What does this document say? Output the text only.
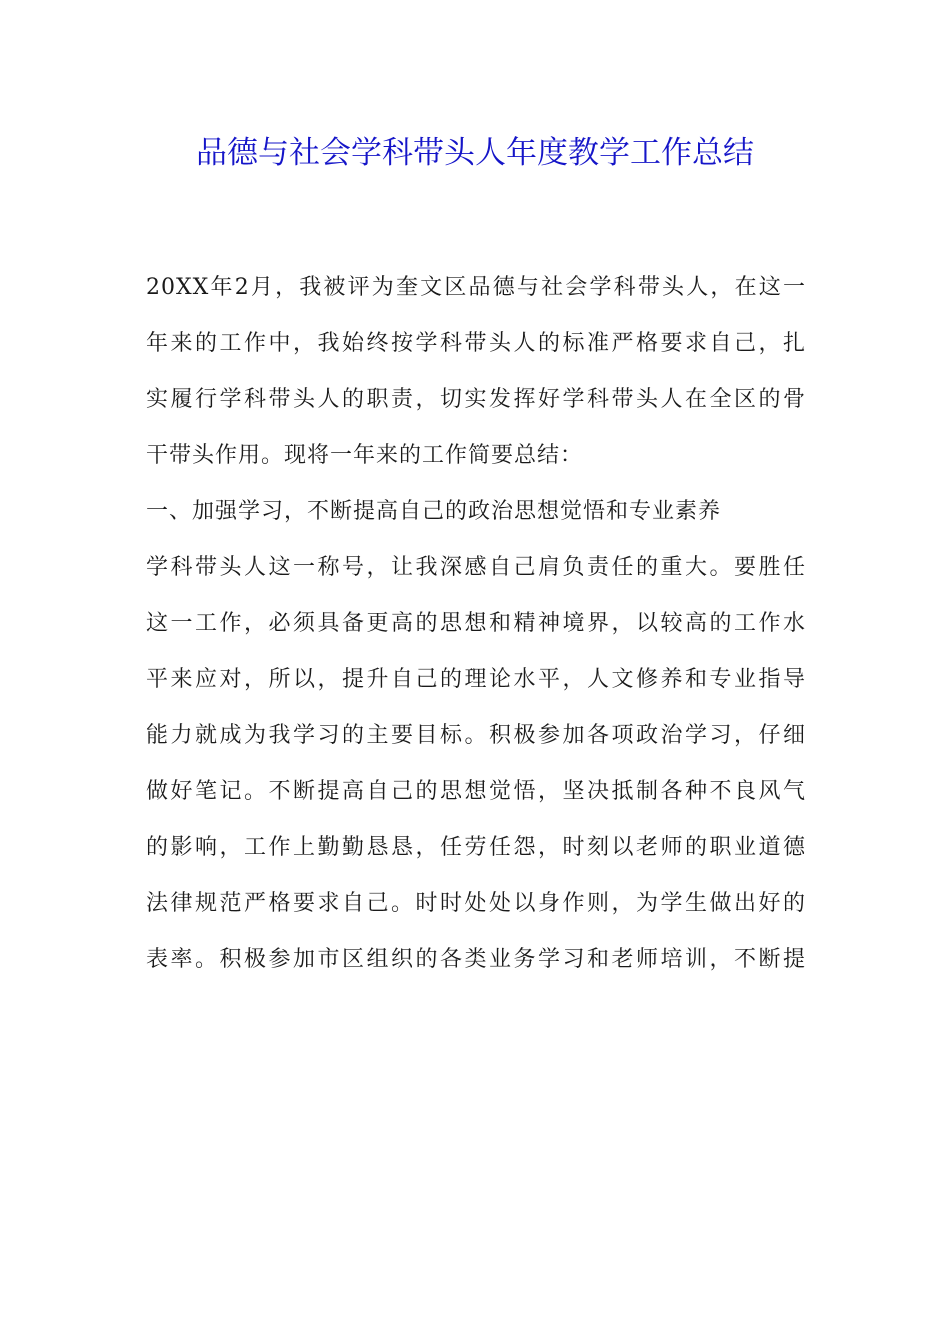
品德与社会学科带头人年度教学工作总结
20XX年2月，我被评为奎文区品德与社会学科带头人，在这一
年来的工作中，我始终按学科带头人的标准严格要求自己，扎
实履行学科带头人的职责，切实发挥好学科带头人在全区的骨
干带头作用。现将一年来的工作简要总结：
一、加强学习，不断提高自己的政治思想觉悟和专业素养
学科带头人这一称号，让我深感自己肩负责任的重大。要胜任
这一工作，必须具备更高的思想和精神境界，以较高的工作水
平来应对，所以，提升自己的理论水平，人文修养和专业指导
能力就成为我学习的主要目标。积极参加各项政治学习，仔细
做好笔记。不断提高自己的思想觉悟，坚决抵制各种不良风气
的影响，工作上勤勤恳恳，任劳任怨，时刻以老师的职业道德
法律规范严格要求自己。时时处处以身作则，为学生做出好的
表率。积极参加市区组织的各类业务学习和老师培训，不断提
